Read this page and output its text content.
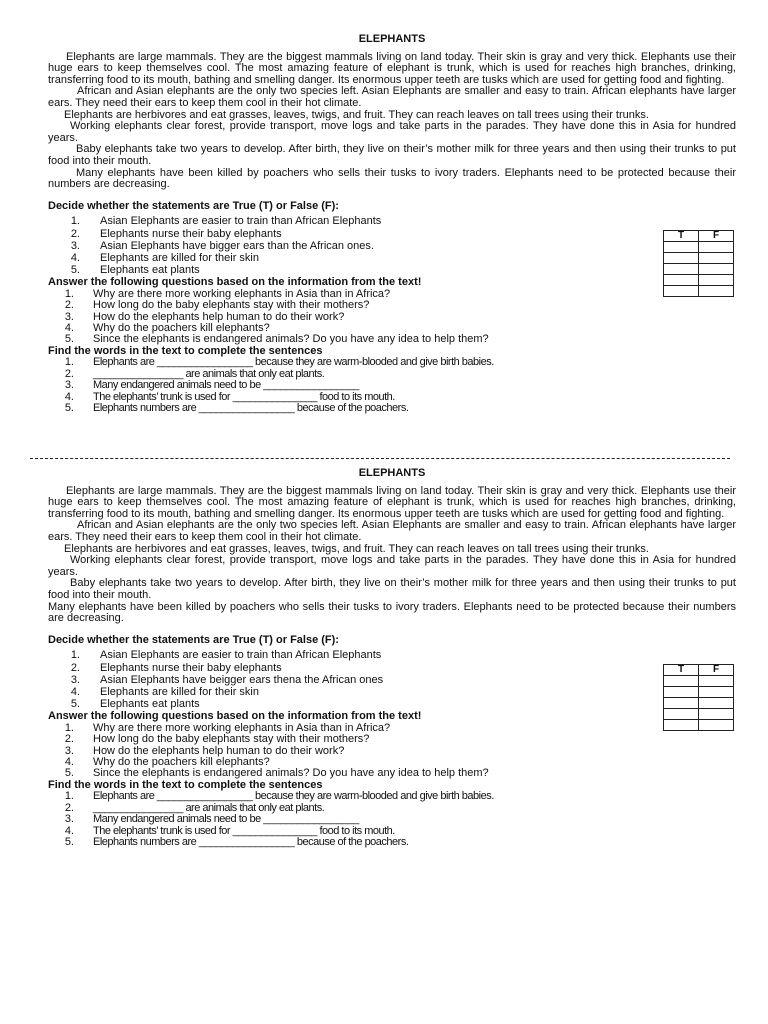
ELEPHANTS

Elephants are large mammals. They are the biggest mammals living on land today. Their skin is gray and very thick. Elephants use their huge ears to keep themselves cool. The most amazing feature of elephant is trunk, which is used for reaches high branches, drinking, transferring food to its mouth, bathing and smelling danger. Its enormous upper teeth are tusks which are used for getting food and fighting.

African and Asian elephants are the only two species left. Asian Elephants are smaller and easy to train. African elephants have larger ears. They need their ears to keep them cool in their hot climate.

Elephants are herbivores and eat grasses, leaves, twigs, and fruit. They can reach leaves on tall trees using their trunks.

Working elephants clear forest, provide transport, move logs and take parts in the parades. They have done this in Asia for hundred years.

Baby elephants take two years to develop. After birth, they live on their’s mother milk for three years and then using their trunks to put food into their mouth.

Many elephants have been killed by poachers who sells their tusks to ivory traders. Elephants need to be protected because their numbers are decreasing.

Decide whether the statements are True (T) or False (F):
1. Asian Elephants are easier to train than African Elephants
2. Elephants nurse their baby elephants
3. Asian Elephants have bigger ears than the African ones.
4. Elephants are killed for their skin
5. Elephants eat plants
Answer the following questions based on the information from the text!
1. Why are there more working elephants in Asia than in Africa?
2. How long do the baby elephants stay with their mothers?
3. How do the elephants help human to do their work?
4. Why do the poachers kill elephants?
5. Since the elephants is endangered animals? Do you have any idea to help them?
Find the words in the text to complete the sentences
1. Elephants are _________________ because they are warm-blooded and give birth babies.
2. ________________ are animals that only eat plants.
3. Many endangered animals need to be _________________
4. The elephants’ trunk is used for _______________ food to its mouth.
5. Elephants numbers are _________________ because of the poachers.
T	F

ELEPHANTS

Elephants are large mammals. They are the biggest mammals living on land today. Their skin is gray and very thick. Elephants use their huge ears to keep themselves cool. The most amazing feature of elephant is trunk, which is used for reaches high branches, drinking, transferring food to its mouth, bathing and smelling danger. Its enormous upper teeth are tusks which are used for getting food and fighting.

African and Asian elephants are the only two species left. Asian Elephants are smaller and easy to train. African elephants have larger ears. They need their ears to keep them cool in their hot climate.

Elephants are herbivores and eat grasses, leaves, twigs, and fruit. They can reach leaves on tall trees using their trunks.

Working elephants clear forest, provide transport, move logs and take parts in the parades. They have done this in Asia for hundred years.

Baby elephants take two years to develop. After birth, they live on their’s mother milk for three years and then using their trunks to put food into their mouth.

Many elephants have been killed by poachers who sells their tusks to ivory traders. Elephants need to be protected because their numbers are decreasing.

Decide whether the statements are True (T) or False (F):
1. Asian Elephants are easier to train than African Elephants
2. Elephants nurse their baby elephants
3. Asian Elephants have beigger ears thena the African ones
4. Elephants are killed for their skin
5. Elephants eat plants
Answer the following questions based on the information from the text!
1. Why are there more working elephants in Asia than in Africa?
2. How long do the baby elephants stay with their mothers?
3. How do the elephants help human to do their work?
4. Why do the poachers kill elephants?
5. Since the elephants is endangered animals? Do you have any idea to help them?
Find the words in the text to complete the sentences
1. Elephants are _________________ because they are warm-blooded and give birth babies.
2. ________________ are animals that only eat plants.
3. Many endangered animals need to be _________________
4. The elephants’ trunk is used for _______________ food to its mouth.
5. Elephants numbers are _________________ because of the poachers.
T	F
